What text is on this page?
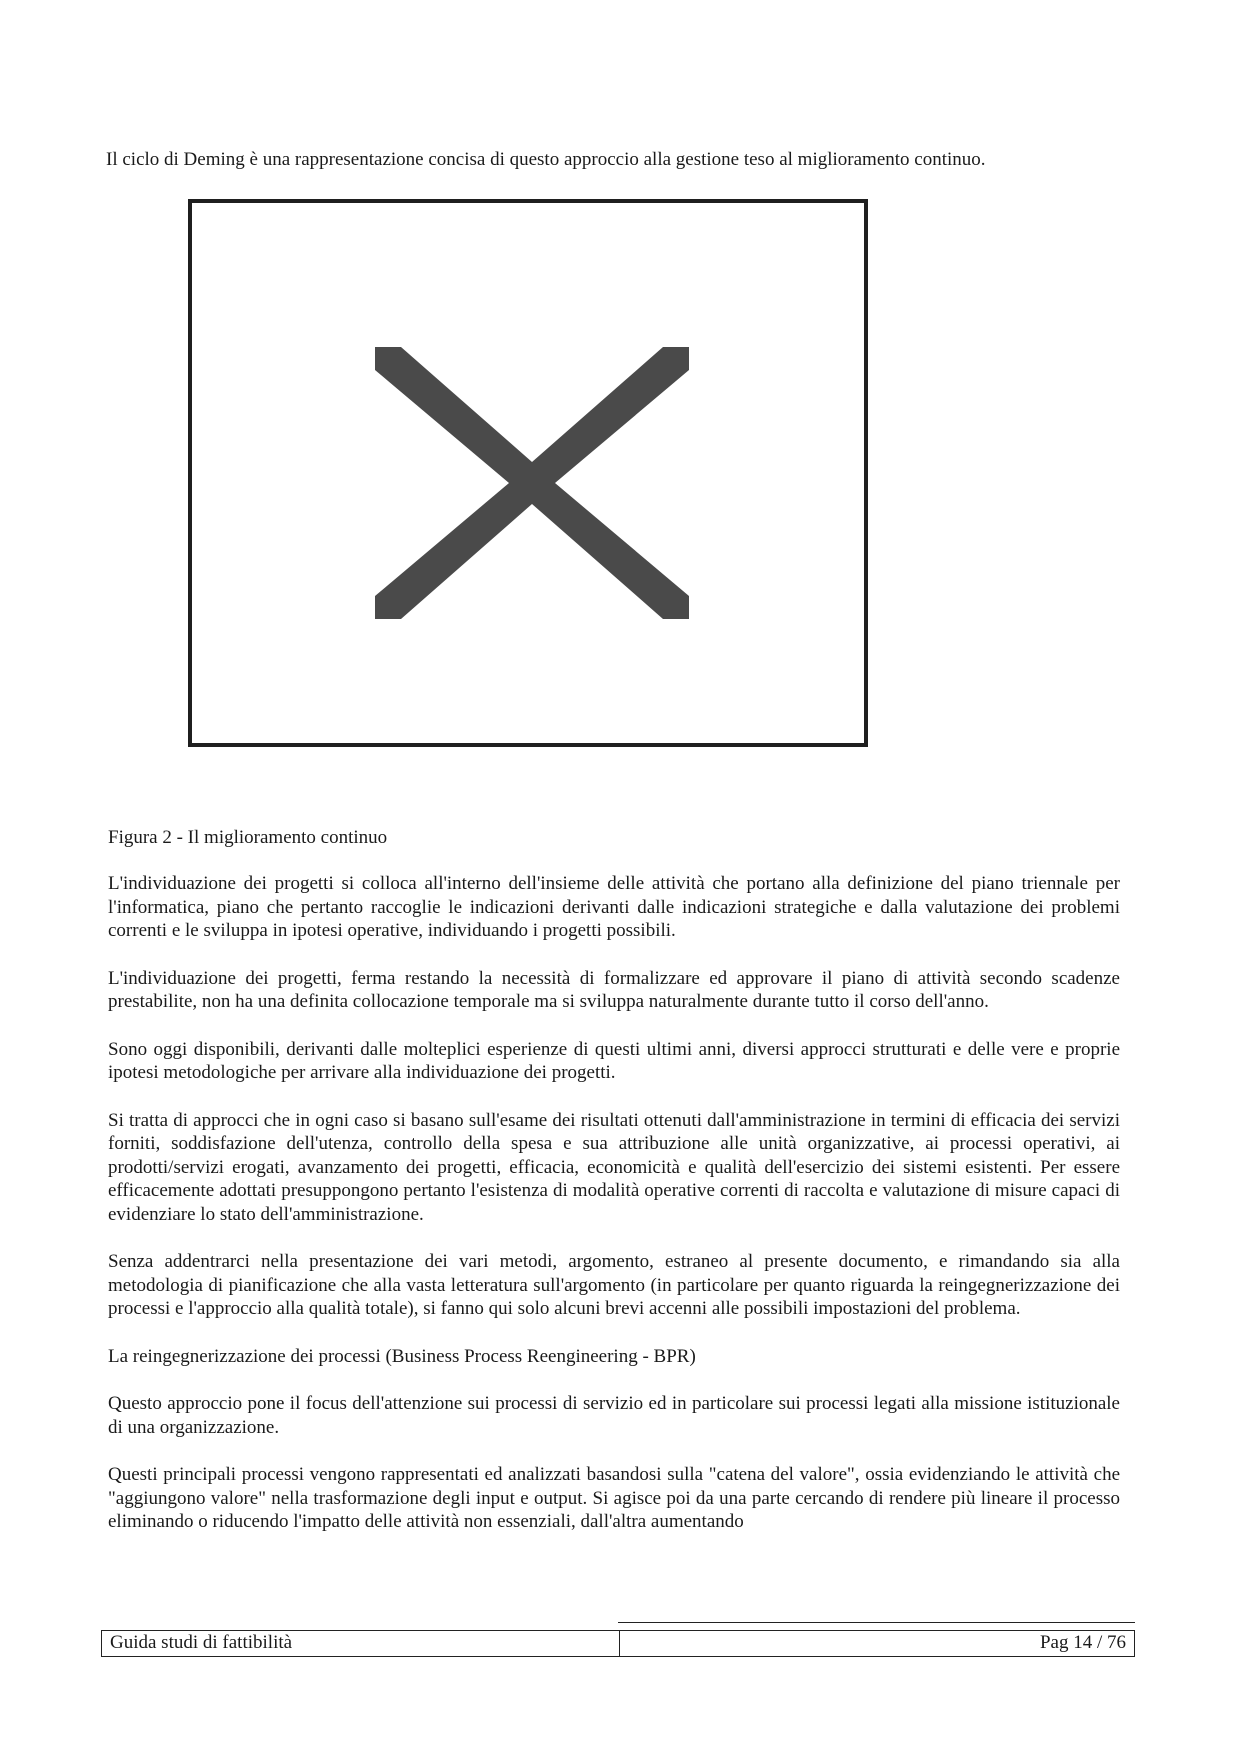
Il ciclo di Deming è una rappresentazione concisa di questo approccio alla gestione teso al miglioramento continuo.

Figura 2 - Il miglioramento continuo

L'individuazione dei progetti si colloca all'interno dell'insieme delle attività che portano alla definizione del piano triennale per l'informatica, piano che pertanto raccoglie le indicazioni derivanti dalle indicazioni strategiche e dalla valutazione dei problemi correnti e le sviluppa in ipotesi operative, individuando i progetti possibili.

L'individuazione dei progetti, ferma restando la necessità di formalizzare ed approvare il piano di attività secondo scadenze prestabilite, non ha una definita collocazione temporale ma si sviluppa naturalmente durante tutto il corso dell'anno.

Sono oggi disponibili, derivanti dalle molteplici esperienze di questi ultimi anni, diversi approcci strutturati e delle vere e proprie ipotesi metodologiche per arrivare alla individuazione dei progetti.

Si tratta di approcci che in ogni caso si basano sull'esame dei risultati ottenuti dall'amministrazione in termini di efficacia dei servizi forniti, soddisfazione dell'utenza, controllo della spesa e sua attribuzione alle unità organizzative, ai processi operativi, ai prodotti/servizi erogati, avanzamento dei progetti, efficacia, economicità e qualità dell'esercizio dei sistemi esistenti. Per essere efficacemente adottati presuppongono pertanto l'esistenza di modalità operative correnti di raccolta e valutazione di misure capaci di evidenziare lo stato dell'amministrazione.

Senza addentrarci nella presentazione dei vari metodi, argomento, estraneo al presente documento, e rimandando sia alla metodologia di pianificazione che alla vasta letteratura sull'argomento (in particolare per quanto riguarda la reingegnerizzazione dei processi e l'approccio alla qualità totale), si fanno qui solo alcuni brevi accenni alle possibili impostazioni del problema.

La reingegnerizzazione dei processi (Business Process Reengineering - BPR)

Questo approccio pone il focus dell'attenzione sui processi di servizio ed in particolare sui processi legati alla missione istituzionale di una organizzazione.

Questi principali processi vengono rappresentati ed analizzati basandosi sulla "catena del valore", ossia evidenziando le attività che "aggiungono valore" nella trasformazione degli input e output. Si agisce poi da una parte cercando di rendere più lineare il processo eliminando o riducendo l'impatto delle attività non essenziali, dall'altra aumentando

Guida studi di fattibilità	Pag 14 / 76
